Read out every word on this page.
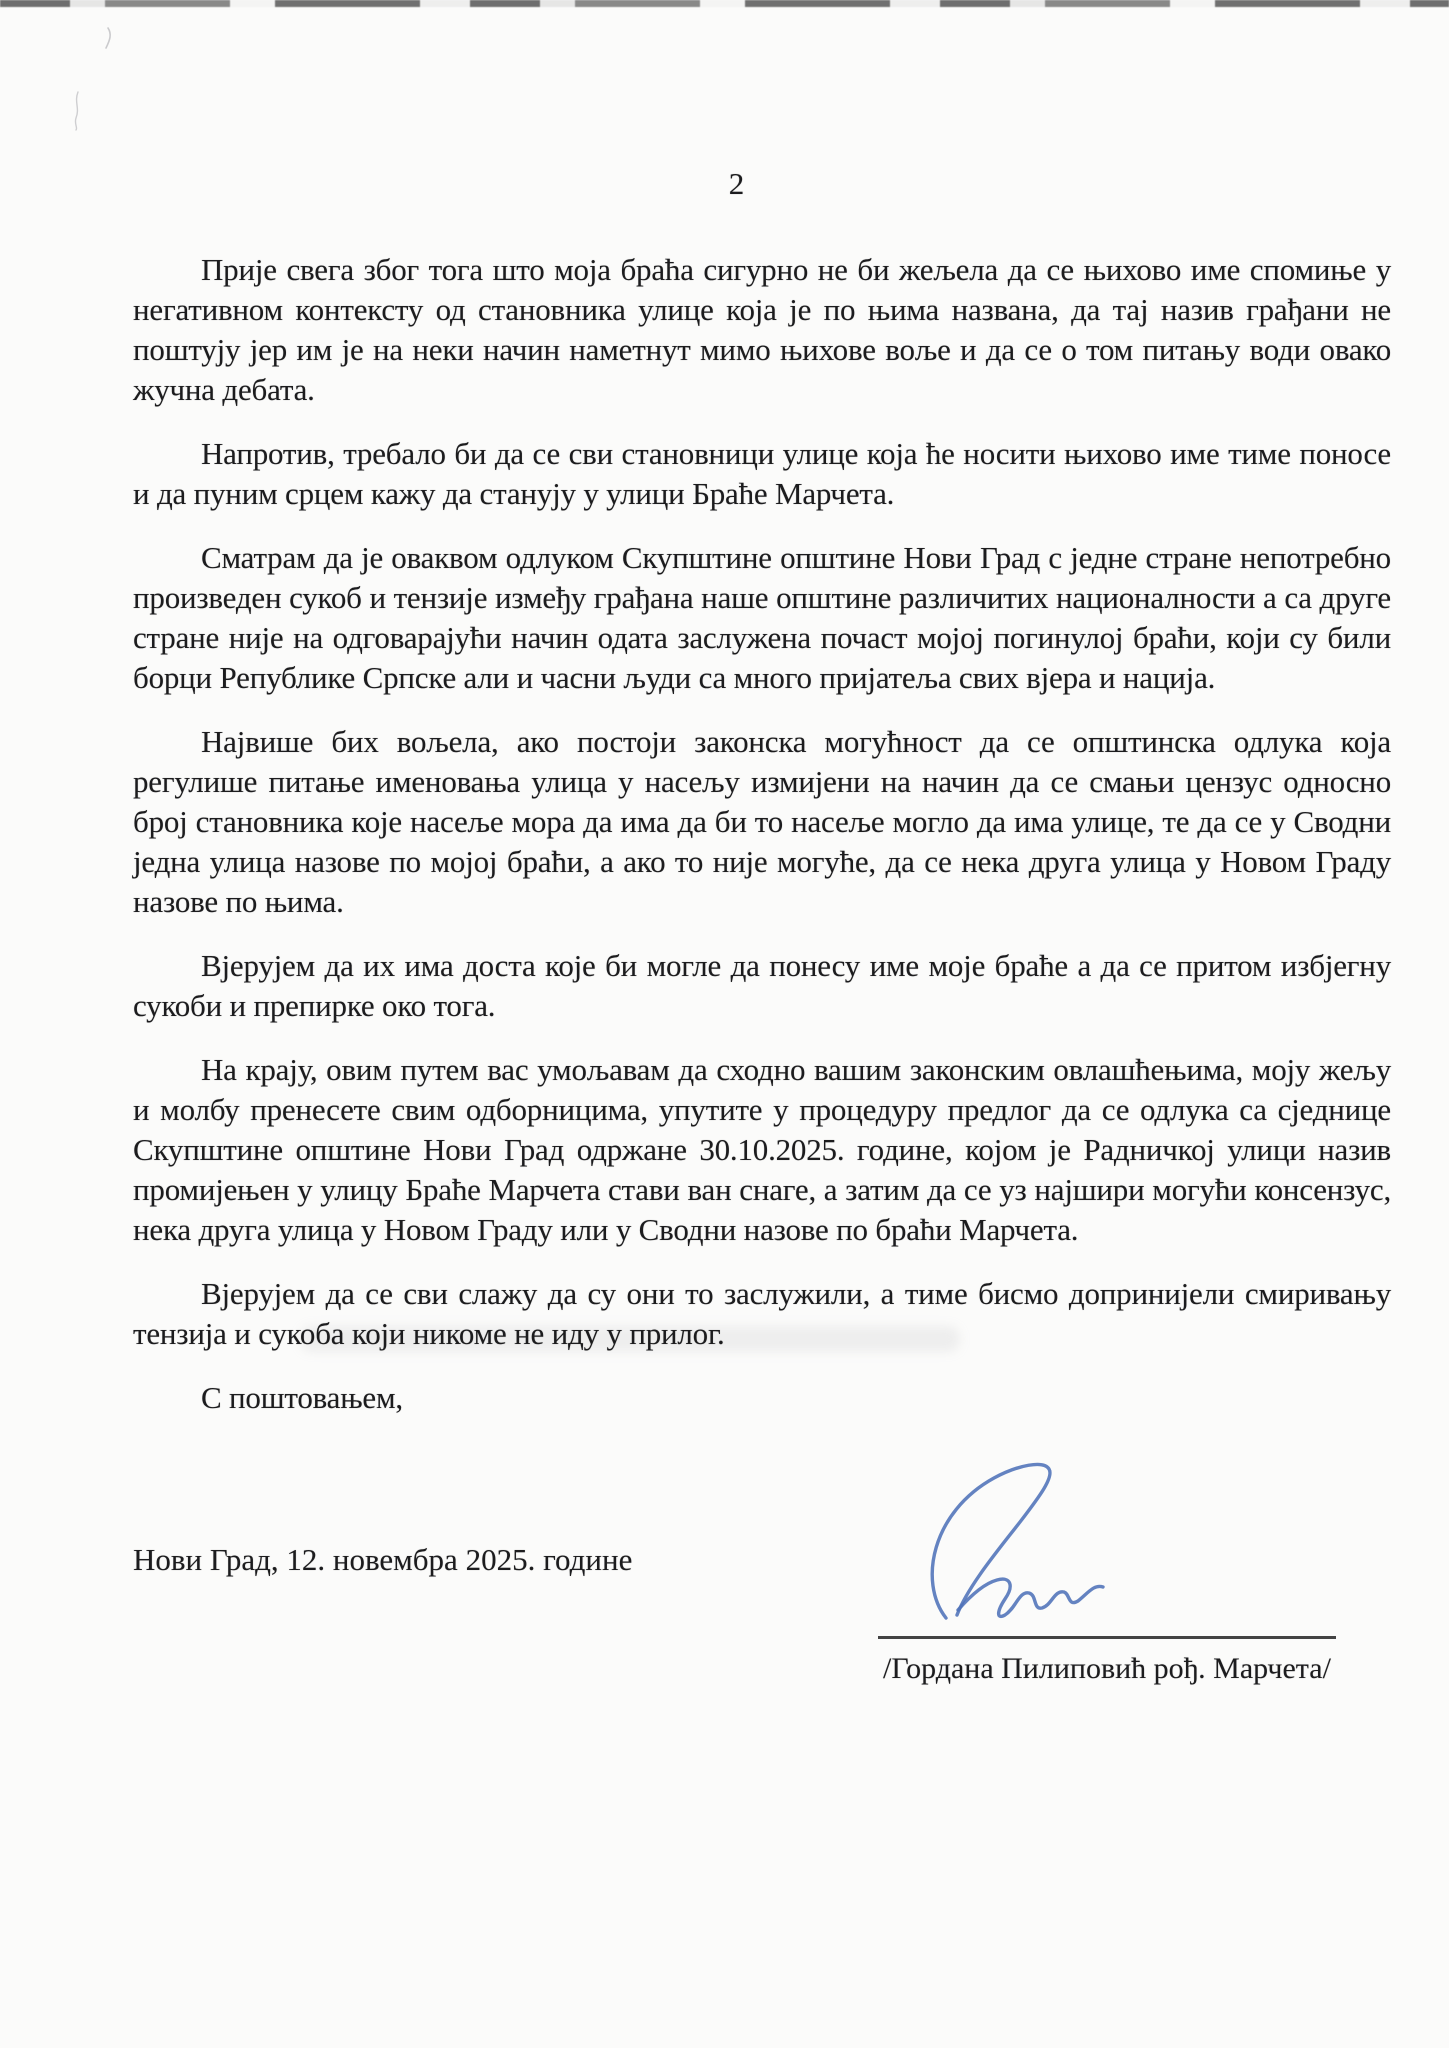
2

Прије свега због тога што моја браћа сигурно не би жељела да се њихово име спомиње у негативном контексту од становника улице која је по њима названа, да тај назив грађани не поштују јер им је на неки начин наметнут мимо њихове воље и да се о том питању води овако жучна дебата.

Напротив, требало би да се сви становници улице која ће носити њихово име тиме поносе и да пуним срцем кажу да станују у улици Браће Марчета.

Сматрам да је оваквом одлуком Скупштине општине Нови Град с једне стране непотребно произведен сукоб и тензије између грађана наше општине различитих националности а са друге стране није на одговарајући начин одата заслужена почаст мојој погинулој браћи, који су били борци Републике Српске али и часни људи са много пријатеља свих вјера и нација.

Највише бих вољела, ако постоји законска могућност да се општинска одлука која регулише питање именовања улица у насељу измијени на начин да се смањи цензус односно број становника које насеље мора да има да би то насеље могло да има улице, те да се у Сводни једна улица назове по мојој браћи, а ако то није могуће, да се нека друга улица у Новом Граду назове по њима.

Вјерујем да их има доста које би могле да понесу име моје браће а да се притом избјегну сукоби и препирке око тога.

На крају, овим путем вас умољавам да сходно вашим законским овлашћењима, моју жељу и молбу пренесете свим одборницима, упутите у процедуру предлог да се одлука са сједнице Скупштине општине Нови Град одржане 30.10.2025. године, којом је Радничкој улици назив промијењен у улицу Браће Марчета стави ван снаге, а затим да се уз најшири могући консензус, нека друга улица у Новом Граду или у Сводни назове по браћи Марчета.

Вјерујем да се сви слажу да су они то заслужили, а тиме бисмо допринијели смиривању тензија и сукоба који никоме не иду у прилог.

С поштовањем,
Нови Град, 12. новембра 2025. године
/Гордана Пилиповић рођ. Марчета/
